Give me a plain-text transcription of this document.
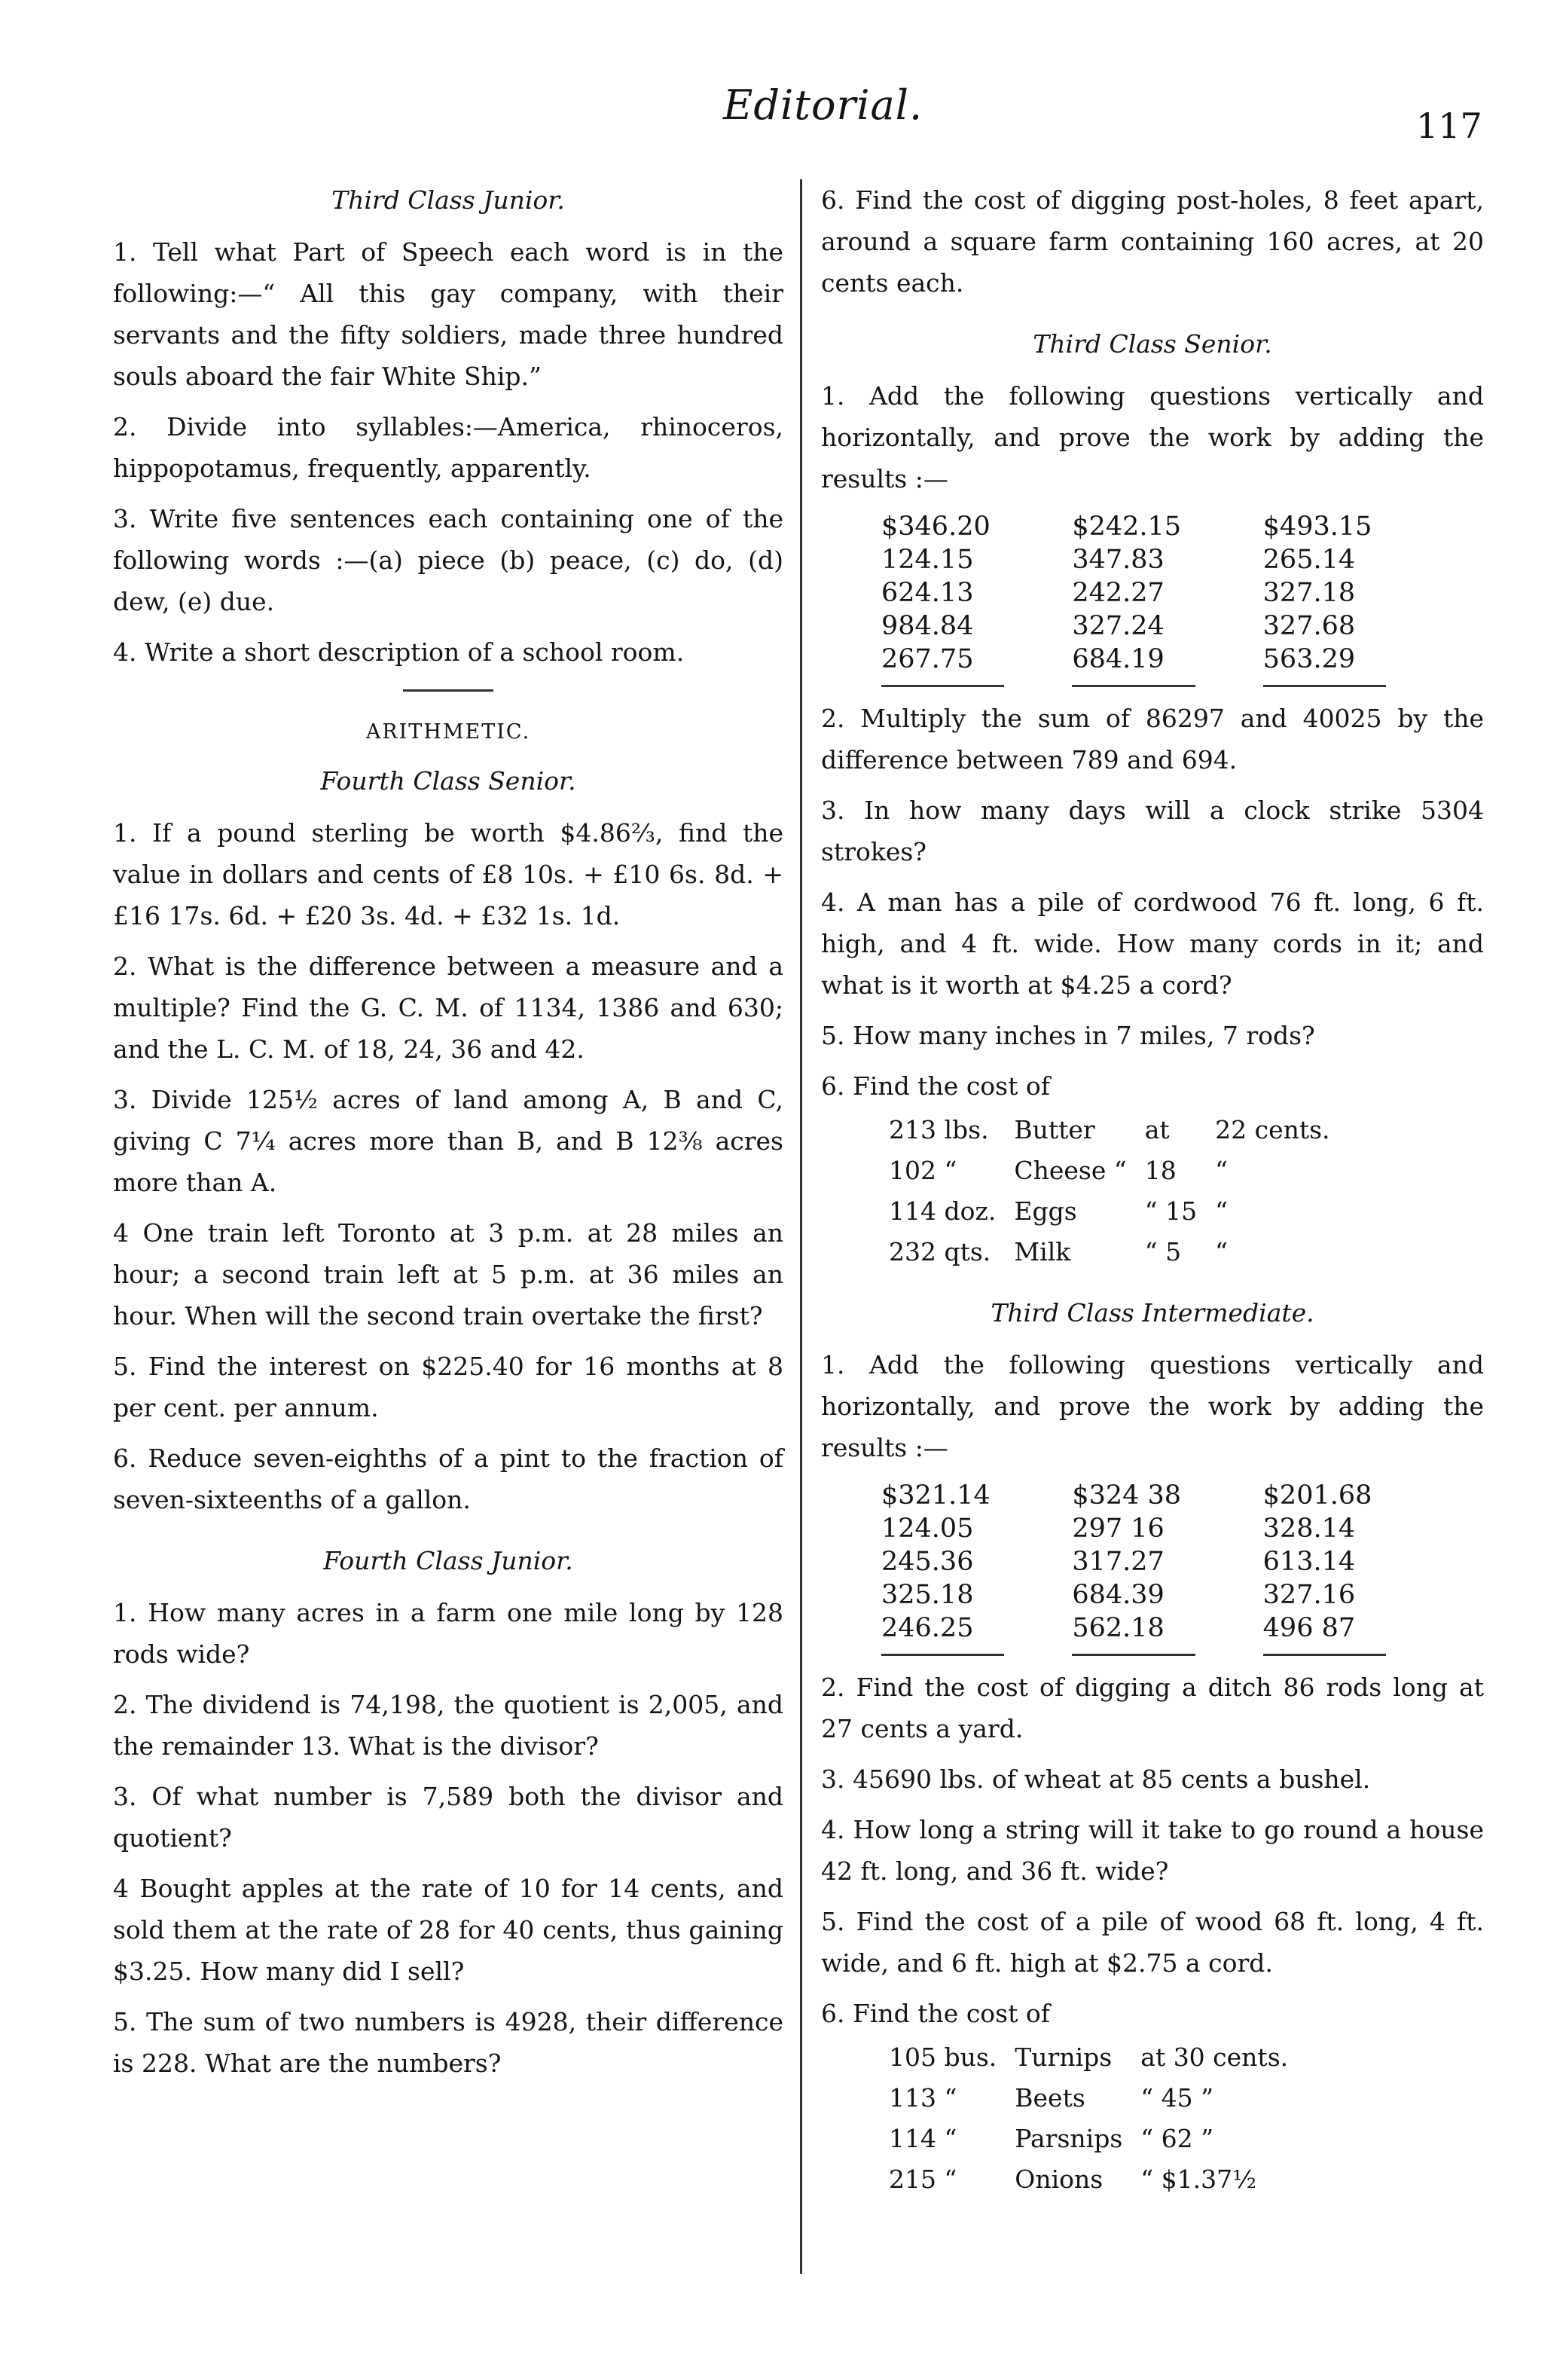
Editorial.	117
Third Class Junior.

1. Tell what Part of Speech each word is in the following:—“ All this gay company, with their servants and the fifty soldiers, made three hundred souls aboard the fair White Ship.”

2. Divide into syllables:—America, rhinoceros, hippopotamus, frequently, apparently.

3. Write five sentences each containing one of the following words :—(a) piece (b) peace, (c) do, (d) dew, (e) due.

4. Write a short description of a school room.

ARITHMETIC.
Fourth Class Senior.

1. If a pound sterling be worth $4.86⅔, find the value in dollars and cents of £8 10s. + £10 6s. 8d. + £16 17s. 6d. + £20 3s. 4d. + £32 1s. 1d.

2. What is the difference between a measure and a multiple? Find the G. C. M. of 1134, 1386 and 630; and the L. C. M. of 18, 24, 36 and 42.

3. Divide 125½ acres of land among A, B and C, giving C 7¼ acres more than B, and B 12⅜ acres more than A.

4 One train left Toronto at 3 p.m. at 28 miles an hour; a second train left at 5 p.m. at 36 miles an hour. When will the second train overtake the first?

5. Find the interest on $225.40 for 16 months at 8 per cent. per annum.

6. Reduce seven-eighths of a pint to the fraction of seven-sixteenths of a gallon.

Fourth Class Junior.

1. How many acres in a farm one mile long by 128 rods wide?

2. The dividend is 74,198, the quotient is 2,005, and the remainder 13. What is the divisor?

3. Of what number is 7,589 both the divisor and quotient?

4 Bought apples at the rate of 10 for 14 cents, and sold them at the rate of 28 for 40 cents, thus gaining $3.25. How many did I sell?

5. The sum of two numbers is 4928, their difference is 228. What are the numbers?

6. Find the cost of digging post-holes, 8 feet apart, around a square farm containing 160 acres, at 20 cents each.

Third Class Senior.

1. Add the following questions vertically and horizontally, and prove the work by adding the results :—

$346.20	$242.15	$493.15
124.15	347.83	265.14
624.13	242.27	327.18
984.84	327.24	327.68
267.75	684.19	563.29

2. Multiply the sum of 86297 and 40025 by the difference between 789 and 694.

3. In how many days will a clock strike 5304 strokes?

4. A man has a pile of cordwood 76 ft. long, 6 ft. high, and 4 ft. wide. How many cords in it; and what is it worth at $4.25 a cord?

5. How many inches in 7 miles, 7 rods?

6. Find the cost of

213 lbs.	Butter	at	22 cents.
102 “	Cheese “	18	“
114 doz.	Eggs	“ 15	“
232 qts.	Milk	“ 5	“
Third Class Intermediate.

1. Add the following questions vertically and horizontally, and prove the work by adding the results :—

$321.14	$324 38	$201.68
124.05	297 16	328.14
245.36	317.27	613.14
325.18	684.39	327.16
246.25	562.18	496 87

2. Find the cost of digging a ditch 86 rods long at 27 cents a yard.

3. 45690 lbs. of wheat at 85 cents a bushel.

4. How long a string will it take to go round a house 42 ft. long, and 36 ft. wide?

5. Find the cost of a pile of wood 68 ft. long, 4 ft. wide, and 6 ft. high at $2.75 a cord.

6. Find the cost of

105 bus.	Turnips	at 30 cents.
113 “	Beets	“ 45 ”
114 “	Parsnips	“ 62 ”
215 “	Onions	“ $1.37½
